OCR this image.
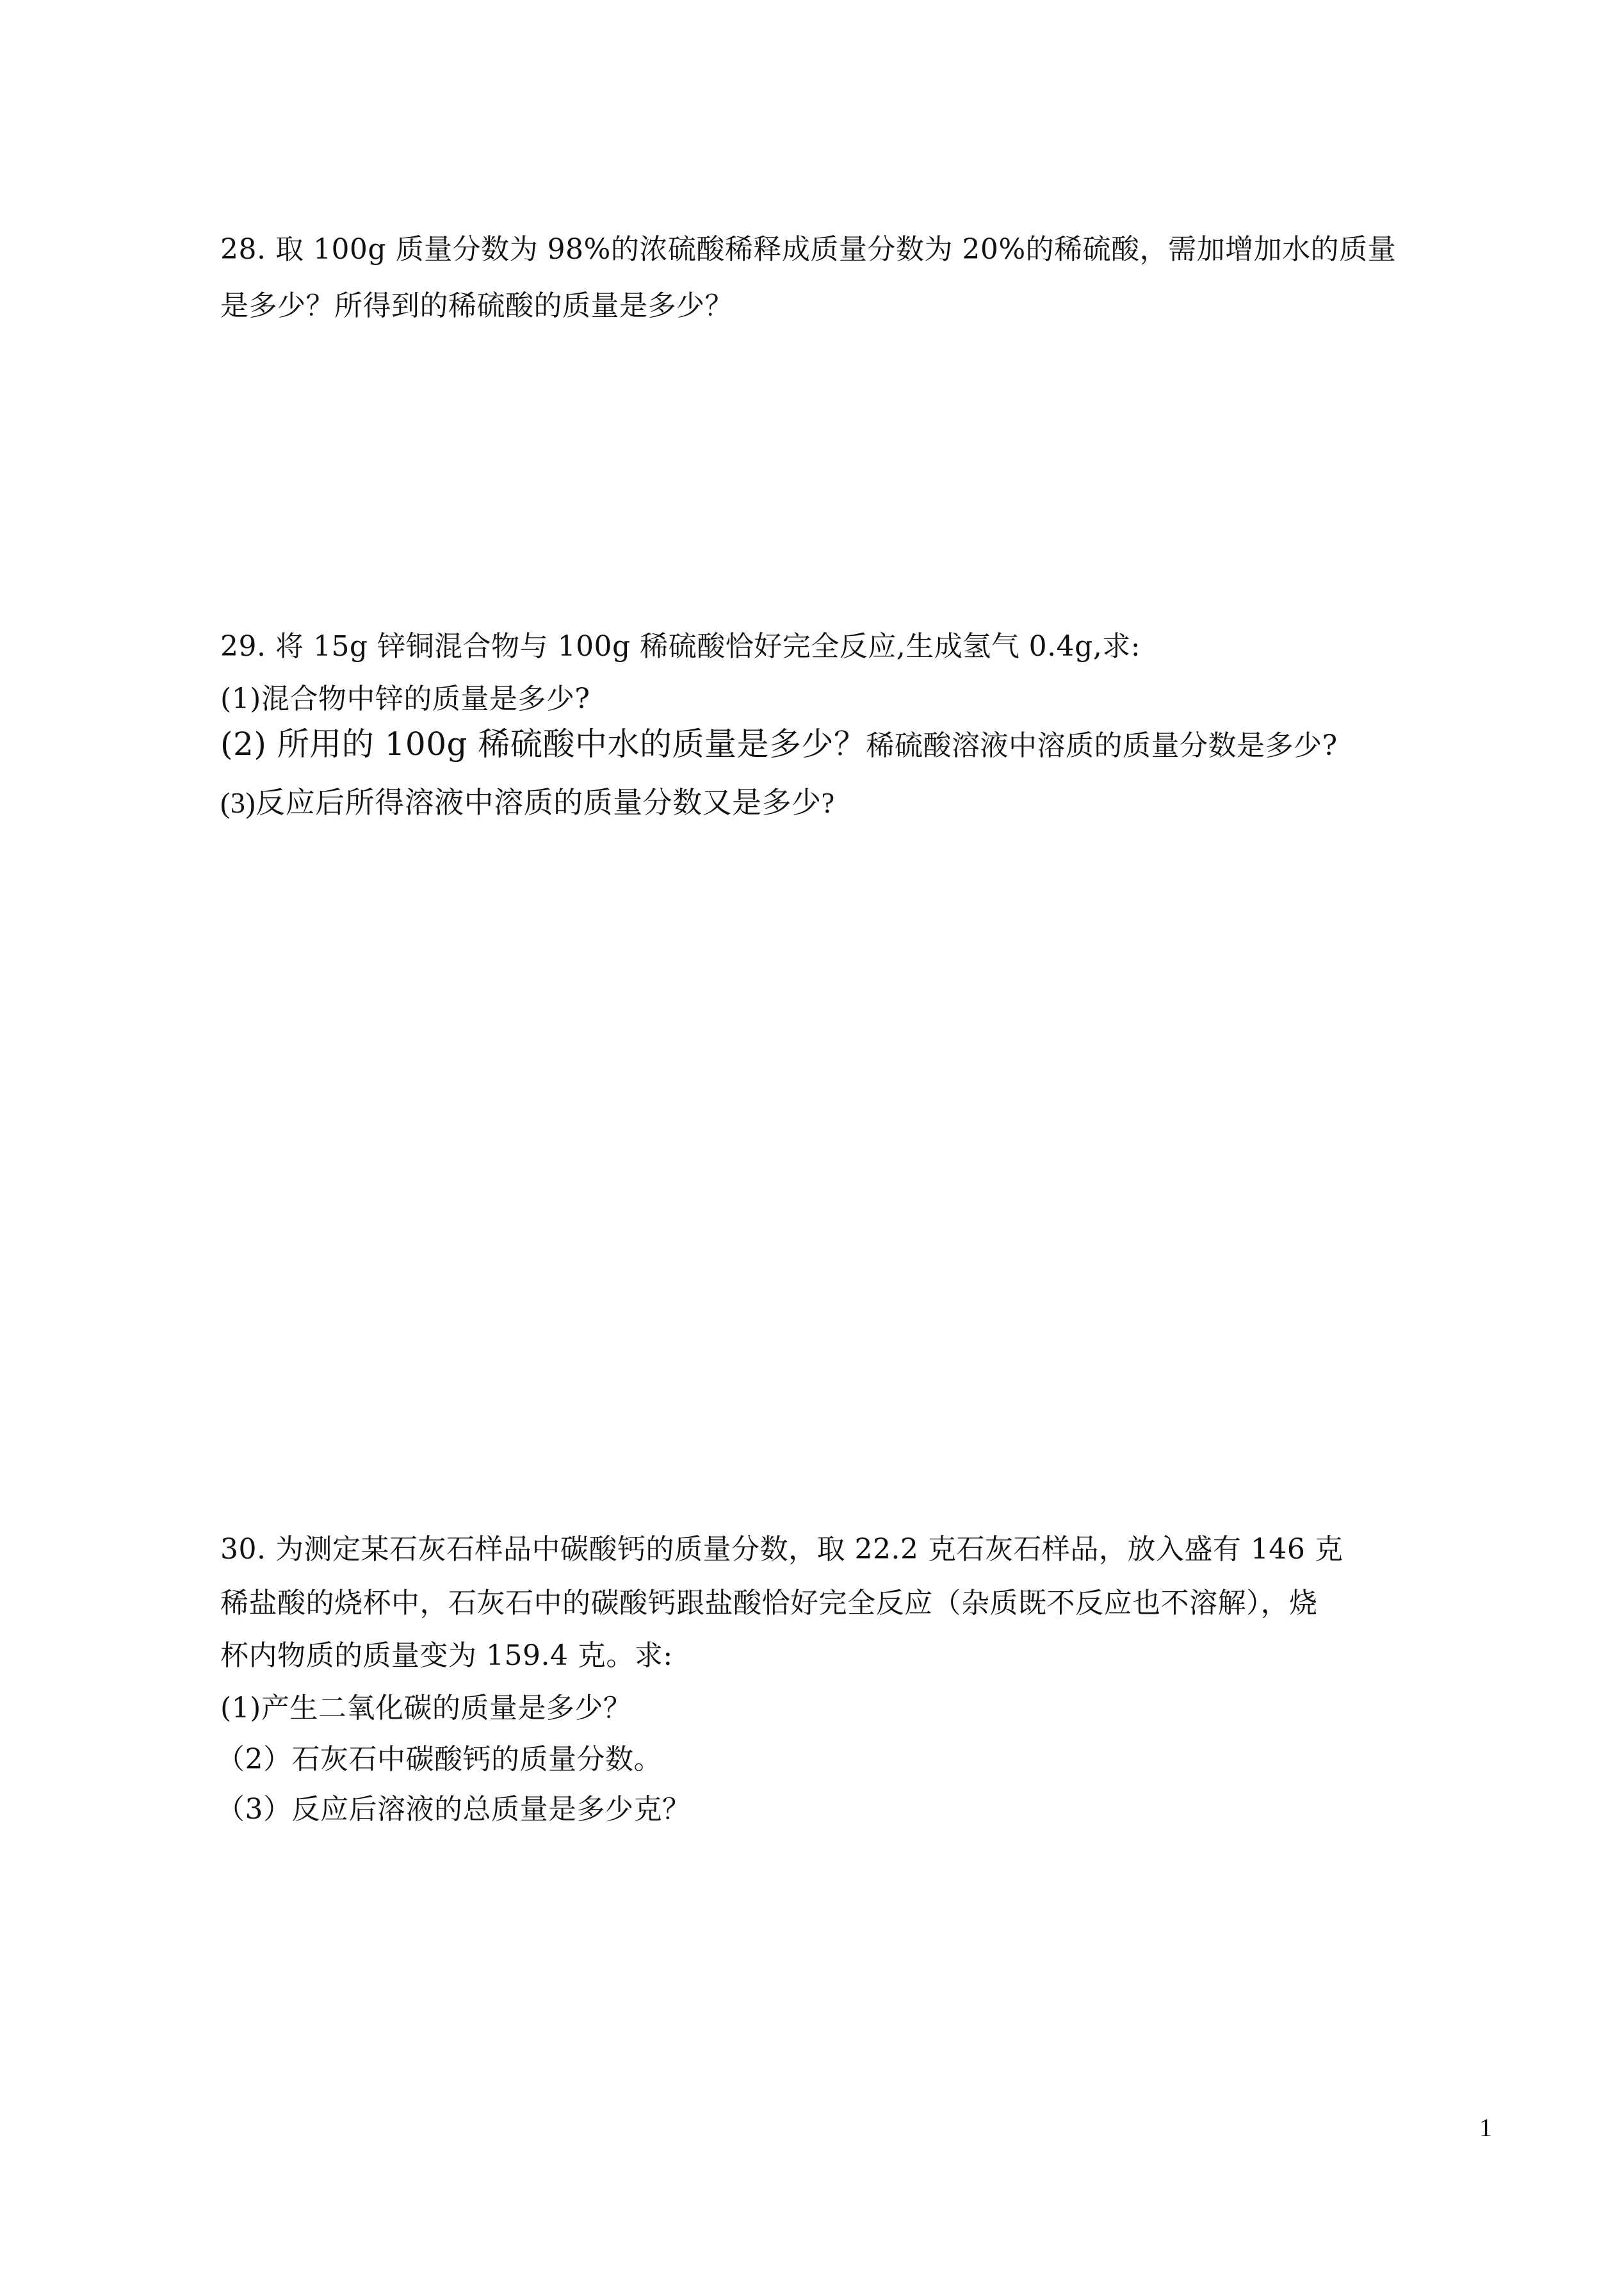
28. 取 100g 质量分数为 98%的浓硫酸稀释成质量分数为 20%的稀硫酸，需加增加水的质量
是多少？所得到的稀硫酸的质量是多少？
29. 将 15g 锌铜混合物与 100g 稀硫酸恰好完全反应,生成氢气 0.4g,求:
(1)混合物中锌的质量是多少?
(2) 所用的 100g 稀硫酸中水的质量是多少？稀硫酸溶液中溶质的质量分数是多少?
(3)反应后所得溶液中溶质的质量分数又是多少?
30. 为测定某石灰石样品中碳酸钙的质量分数，取 22.2 克石灰石样品，放入盛有 146 克
稀盐酸的烧杯中，石灰石中的碳酸钙跟盐酸恰好完全反应（杂质既不反应也不溶解），烧
杯内物质的质量变为 159.4 克。求:
(1)产生二氧化碳的质量是多少？
（2）石灰石中碳酸钙的质量分数。
（3）反应后溶液的总质量是多少克？
1
